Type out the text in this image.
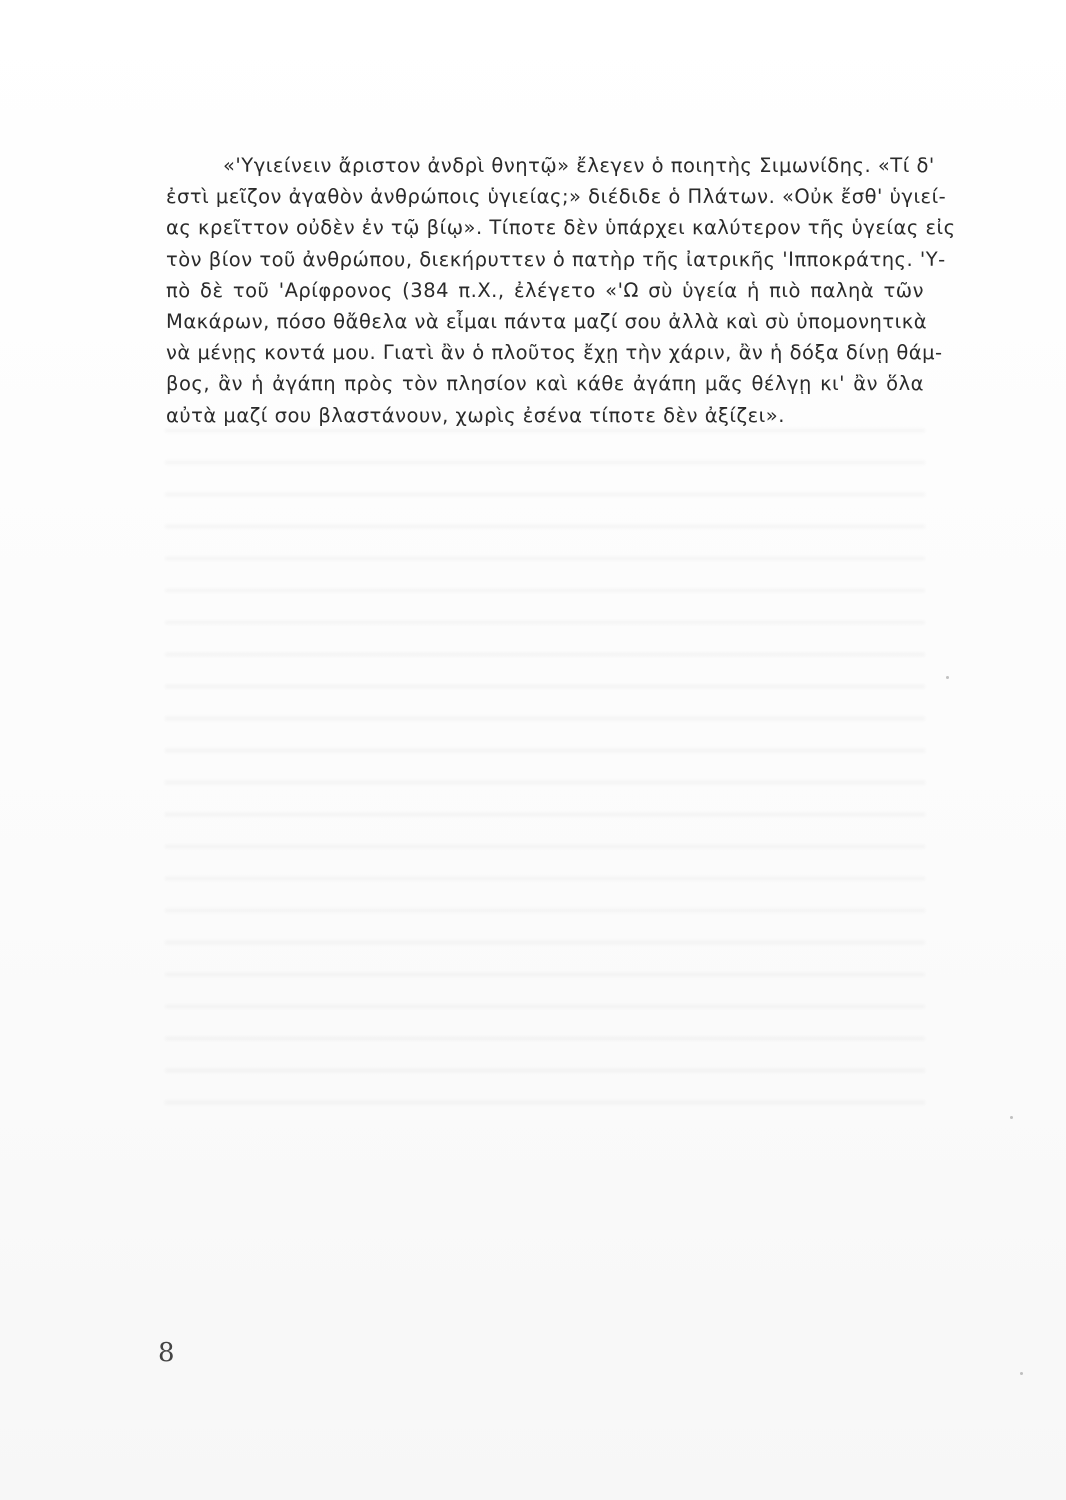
«'Υγιείνειν ἄριστον ἀνδρὶ θνητῷ» ἔλεγεν ὁ ποιητὴς Σιμωνίδης. «Τί δ'
ἐστὶ μεῖζον ἀγαθὸν ἀνθρώποις ὑγιείας;» διέδιδε ὁ Πλάτων. «Οὐκ ἔσθ' ὑγιεί-
ας κρεῖττον οὐδὲν ἐν τῷ βίῳ». Τίποτε δὲν ὑπάρχει καλύτερον τῆς ὑγείας εἰς
τὸν βίον τοῦ ἀνθρώπου, διεκήρυττεν ὁ πατὴρ τῆς ἰατρικῆς 'Ιπποκράτης. 'Υ-
πὸ δὲ τοῦ 'Αρίφρονος (384 π.Χ., ἐλέγετο «'Ω σὺ ὑγεία ἡ πιὸ παληὰ τῶν
Μακάρων, πόσο θἄθελα νὰ εἶμαι πάντα μαζί σου ἀλλὰ καὶ σὺ ὑπομονητικὰ
νὰ μένῃς κοντά μου. Γιατὶ ἂν ὁ πλοῦτος ἔχῃ τὴν χάριν, ἂν ἡ δόξα δίνῃ θάμ-
βος, ἂν ἡ ἀγάπη πρὸς τὸν πλησίον καὶ κάθε ἀγάπη μᾶς θέλγῃ κι' ἂν ὅλα
αὐτὰ μαζί σου βλαστάνουν, χωρὶς ἐσένα τίποτε δὲν ἀξίζει».
8
